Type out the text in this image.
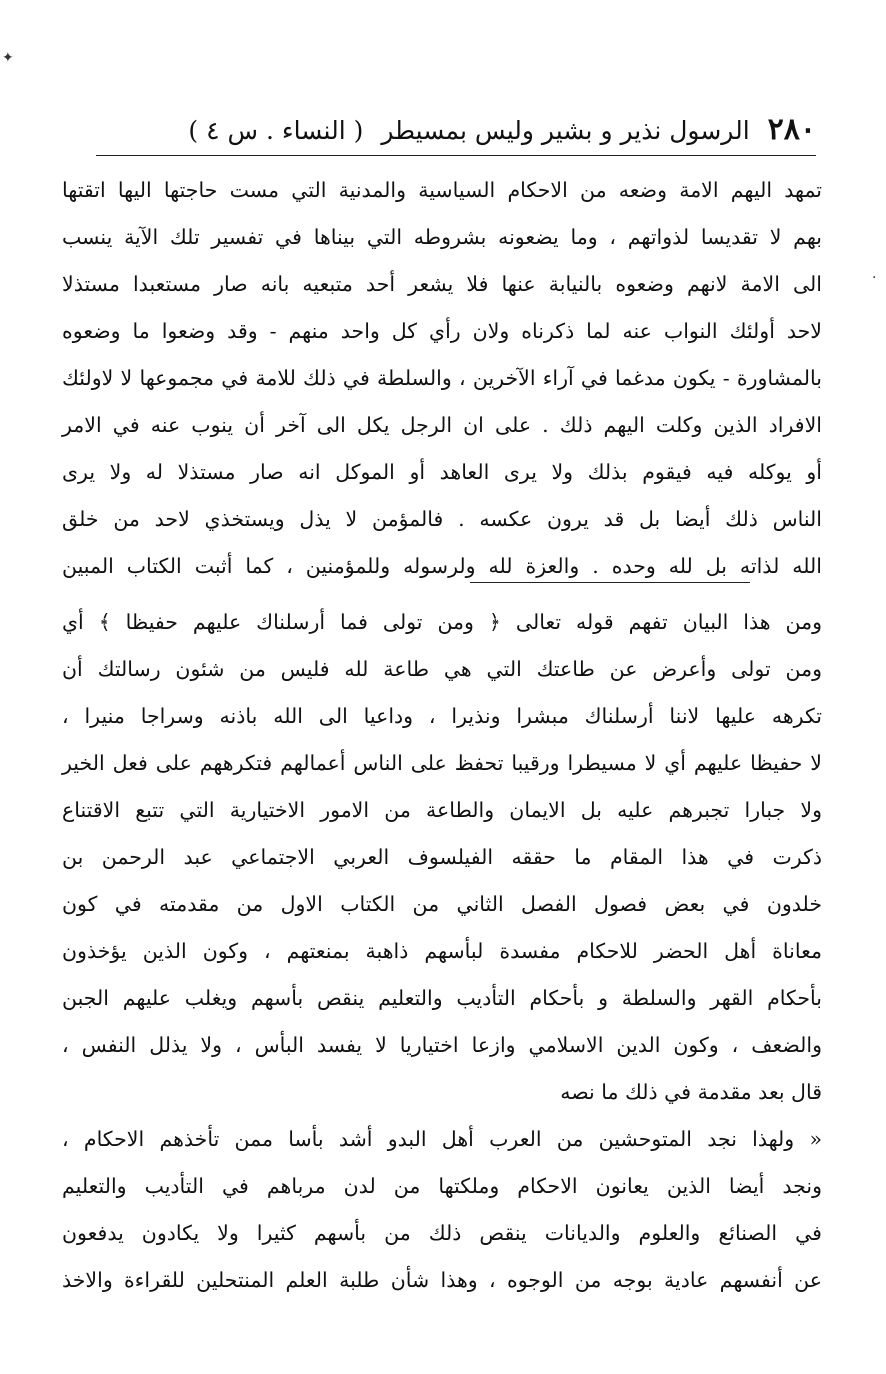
✦
·
٢٨٠
الرسول نذير و بشير وليس بمسيطر
( النساء . س ٤ )
تمهد اليهم الامة وضعه من الاحكام السياسية والمدنية التي مست حاجتها اليها اتقتها
بهم لا تقديسا لذواتهم ، وما يضعونه بشروطه التي بيناها في تفسير تلك الآية ينسب
الى الامة لانهم وضعوه بالنيابة عنها فلا يشعر أحد متبعيه بانه صار مستعبدا مستذلا
لاحد أولئك النواب عنه لما ذكرناه ولان رأي كل واحد منهم - وقد وضعوا ما وضعوه
بالمشاورة - يكون مدغما في آراء الآخرين ، والسلطة في ذلك للامة في مجموعها لا لاولئك
الافراد الذين وكلت اليهم ذلك . على ان الرجل يكل الى آخر أن ينوب عنه في الامر
أو يوكله فيه فيقوم بذلك ولا يرى العاهد أو الموكل انه صار مستذلا له ولا يرى
الناس ذلك أيضا بل قد يرون عكسه . فالمؤمن لا يذل ويستخذي لاحد من خلق
الله لذاته بل لله وحده . والعزة لله ولرسوله وللمؤمنين ، كما أثبت الكتاب المبين
ومن هذا البيان تفهم قوله تعالى ﴿ ومن تولى فما أرسلناك عليهم حفيظا ﴾ أي
ومن تولى وأعرض عن طاعتك التي هي طاعة لله فليس من شئون رسالتك أن
تكرهه عليها لاننا أرسلناك مبشرا ونذيرا ، وداعيا الى الله باذنه وسراجا منيرا ،
لا حفيظا عليهم أي لا مسيطرا ورقيبا تحفظ على الناس أعمالهم فتكرههم على فعل الخير
ولا جبارا تجبرهم عليه بل الايمان والطاعة من الامور الاختيارية التي تتبع الاقتناع
ذكرت في هذا المقام ما حققه الفيلسوف العربي الاجتماعي عبد الرحمن بن
خلدون في بعض فصول الفصل الثاني من الكتاب الاول من مقدمته في كون
معاناة أهل الحضر للاحكام مفسدة لبأسهم ذاهبة بمنعتهم ، وكون الذين يؤخذون
بأحكام القهر والسلطة و بأحكام التأديب والتعليم ينقص بأسهم ويغلب عليهم الجبن
والضعف ، وكون الدين الاسلامي وازعا اختياريا لا يفسد البأس ، ولا يذلل النفس ،
قال بعد مقدمة في ذلك ما نصه
« ولهذا نجد المتوحشين من العرب أهل البدو أشد بأسا ممن تأخذهم الاحكام ،
ونجد أيضا الذين يعانون الاحكام وملكتها من لدن مرباهم في التأديب والتعليم
في الصنائع والعلوم والديانات ينقص ذلك من بأسهم كثيرا ولا يكادون يدفعون
عن أنفسهم عادية بوجه من الوجوه ، وهذا شأن طلبة العلم المنتحلين للقراءة والاخذ
